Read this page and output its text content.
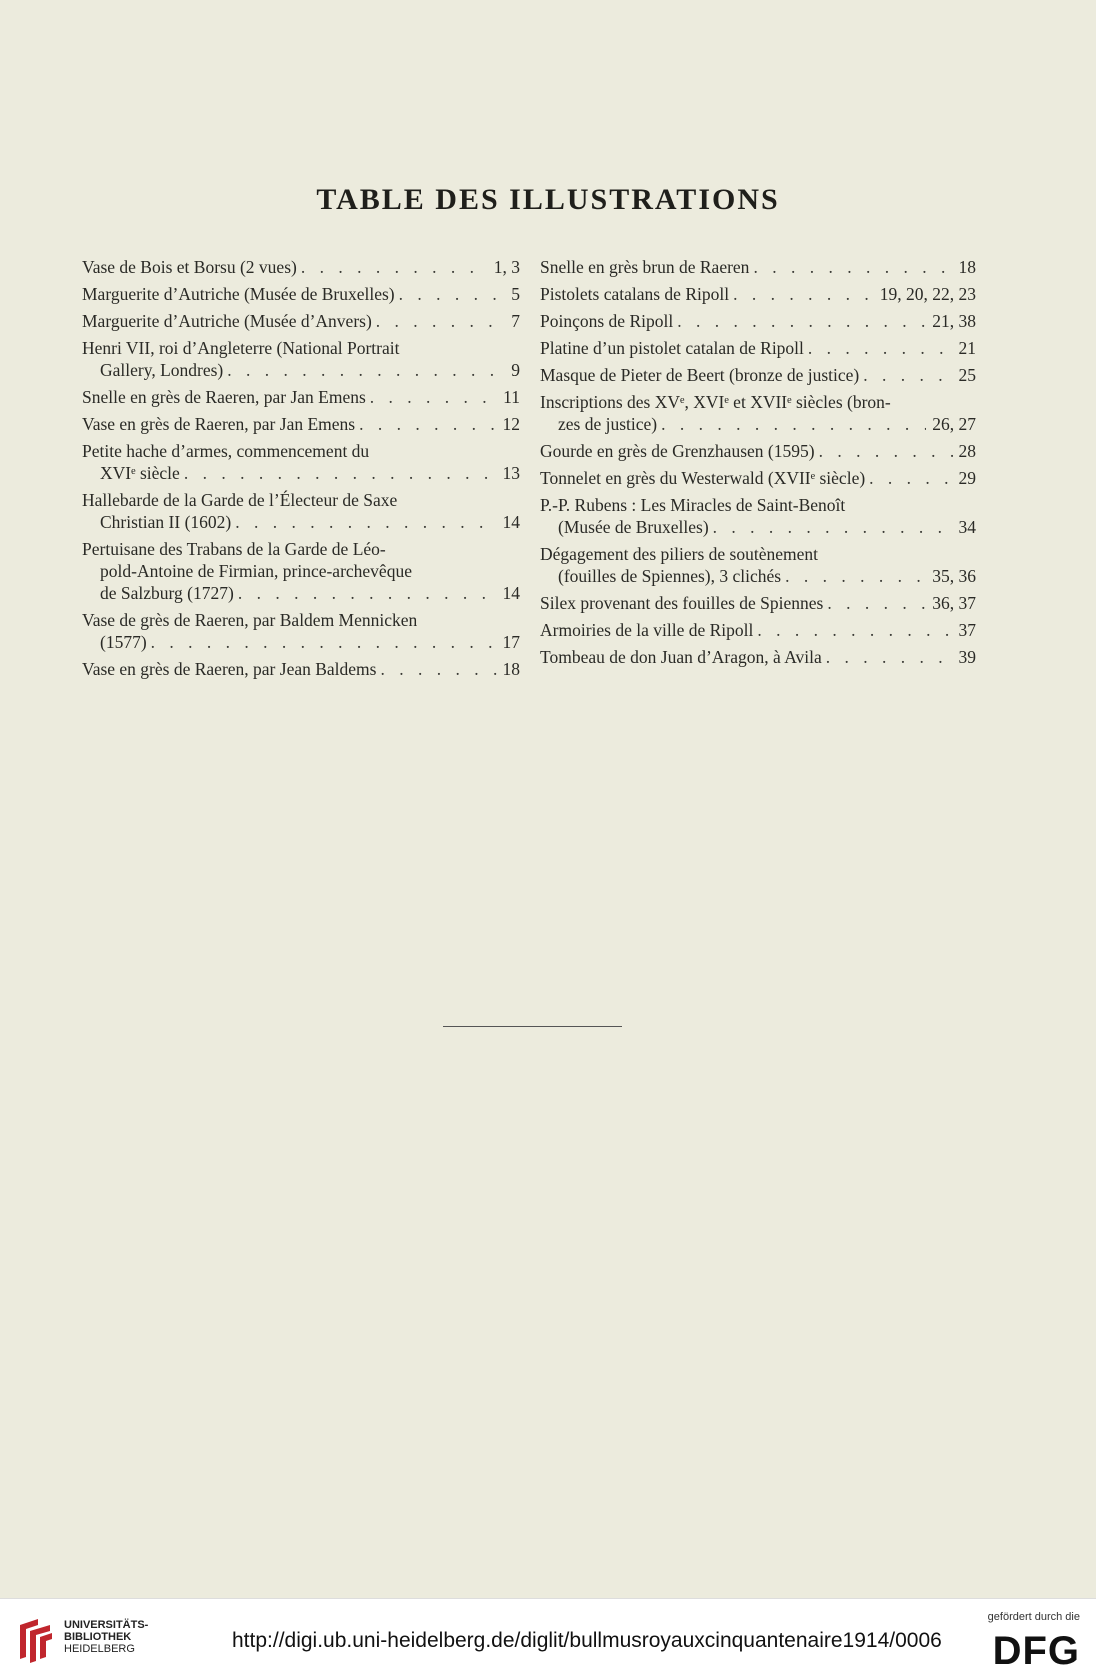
TABLE DES ILLUSTRATIONS
Vase de Bois et Borsu (2 vues) . . .	1, 3
Marguerite d’Autriche (Musée de Bruxelles) . . .	5
Marguerite d’Autriche (Musée d’Anvers) . . .	7
Henri VII, roi d’Angleterre (National Portrait
Gallery, Londres) . . .	9
Snelle en grès de Raeren, par Jan Emens . . .	11
Vase en grès de Raeren, par Jan Emens . . .	12
Petite hache d’armes, commencement du
XVIᵉ siècle . . .	13
Hallebarde de la Garde de l’Électeur de Saxe
Christian II (1602) . . .	14
Pertuisane des Trabans de la Garde de Léo-
pold-Antoine de Firmian, prince-archevêque
de Salzburg (1727) . . .	14
Vase de grès de Raeren, par Baldem Mennicken
(1577) . . .	17
Vase en grès de Raeren, par Jean Baldems . . .	18
Snelle en grès brun de Raeren . . .	18
Pistolets catalans de Ripoll . . .	19, 20, 22, 23
Poinçons de Ripoll . . .	21, 38
Platine d’un pistolet catalan de Ripoll . . .	21
Masque de Pieter de Beert (bronze de justice) . . .	25
Inscriptions des XVᵉ, XVIᵉ et XVIIᵉ siècles (bron-
zes de justice) . . .	26, 27
Gourde en grès de Grenzhausen (1595) . . .	28
Tonnelet en grès du Westerwald (XVIIᵉ siècle) . . .	29
P.-P. Rubens : Les Miracles de Saint-Benoît
(Musée de Bruxelles) . . .	34
Dégagement des piliers de soutènement
(fouilles de Spiennes), 3 clichés . . .	35, 36
Silex provenant des fouilles de Spiennes . . .	36, 37
Armoiries de la ville de Ripoll . . .	37
Tombeau de don Juan d’Aragon, à Avila . . .	39
UNIVERSITÄTS-
BIBLIOTHEK
HEIDELBERG	http://digi.ub.uni-heidelberg.de/diglit/bullmusroyauxcinquantenaire1914/0006
gefördert durch die
DFG
